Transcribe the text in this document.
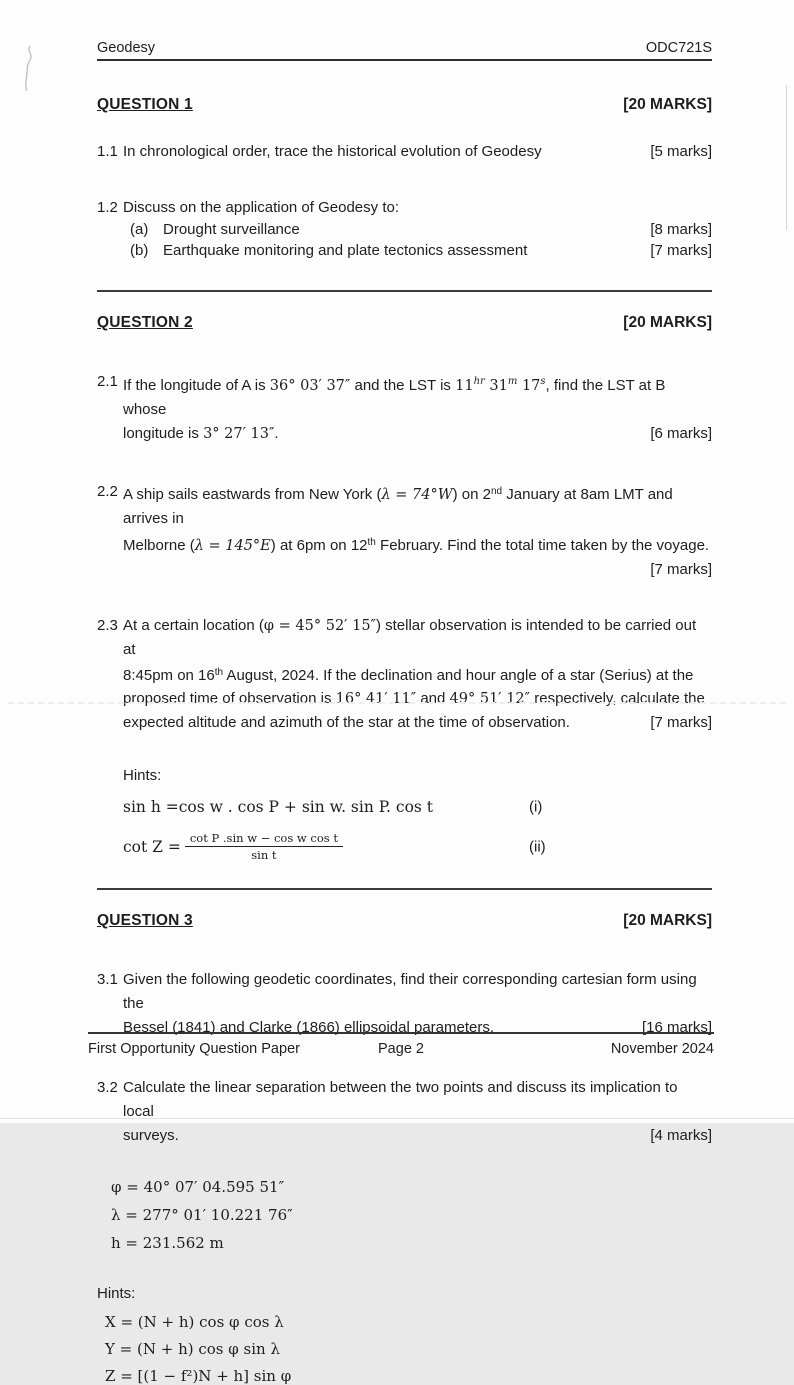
Geodesy	ODC721S
QUESTION 1	[20 MARKS]
1.1 In chronological order, trace the historical evolution of Geodesy	[5 marks]
1.2 Discuss on the application of Geodesy to:
(a) Drought surveillance	[8 marks]
(b) Earthquake monitoring and plate tectonics assessment	[7 marks]
QUESTION 2	[20 MARKS]
2.1 If the longitude of A is 36° 03′ 37″ and the LST is $11^{hr}$ 31$^m$ 17$^s$, find the LST at B whose
longitude is 3° 27′ 13″.	[6 marks]
2.2 A ship sails eastwards from New York (λ = 74°W) on 2nd January at 8am LMT and arrives in
Melborne (λ = 145°E) at 6pm on 12th February. Find the total time taken by the voyage.
[7 marks]
2.3 At a certain location (φ = 45° 52′ 15″) stellar observation is intended to be carried out at
8:45pm on 16th August, 2024. If the declination and hour angle of a star (Serius) at the
proposed time of observation is 16° 41′ 11″ and 49° 51′ 12″ respectively, calculate the
expected altitude and azimuth of the star at the time of observation.	[7 marks]
Hints:
sin h = cos w . cos P + sin w. sin P. cos t	(i)
$\cot Z = \frac{\text{cot P .sin w − cos w cos t}}{\text{sin t}}$	(ii)
QUESTION 3	[20 MARKS]
3.1 Given the following geodetic coordinates, find their corresponding cartesian form using the
Bessel (1841) and Clarke (1866) ellipsoidal parameters.	[16 marks]
3.2 Calculate the linear separation between the two points and discuss its implication to local
surveys.	[4 marks]
φ = 40° 07′ 04.595 51″
λ = 277° 01′ 10.221 76″
h = 231.562 m
Hints:
X = (N + h) cos φ cos λ
Y = (N + h) cos φ sin λ
Z = [(1 − f²)N + h] sin φ
First Opportunity Question Paper	Page 2	November 2024
